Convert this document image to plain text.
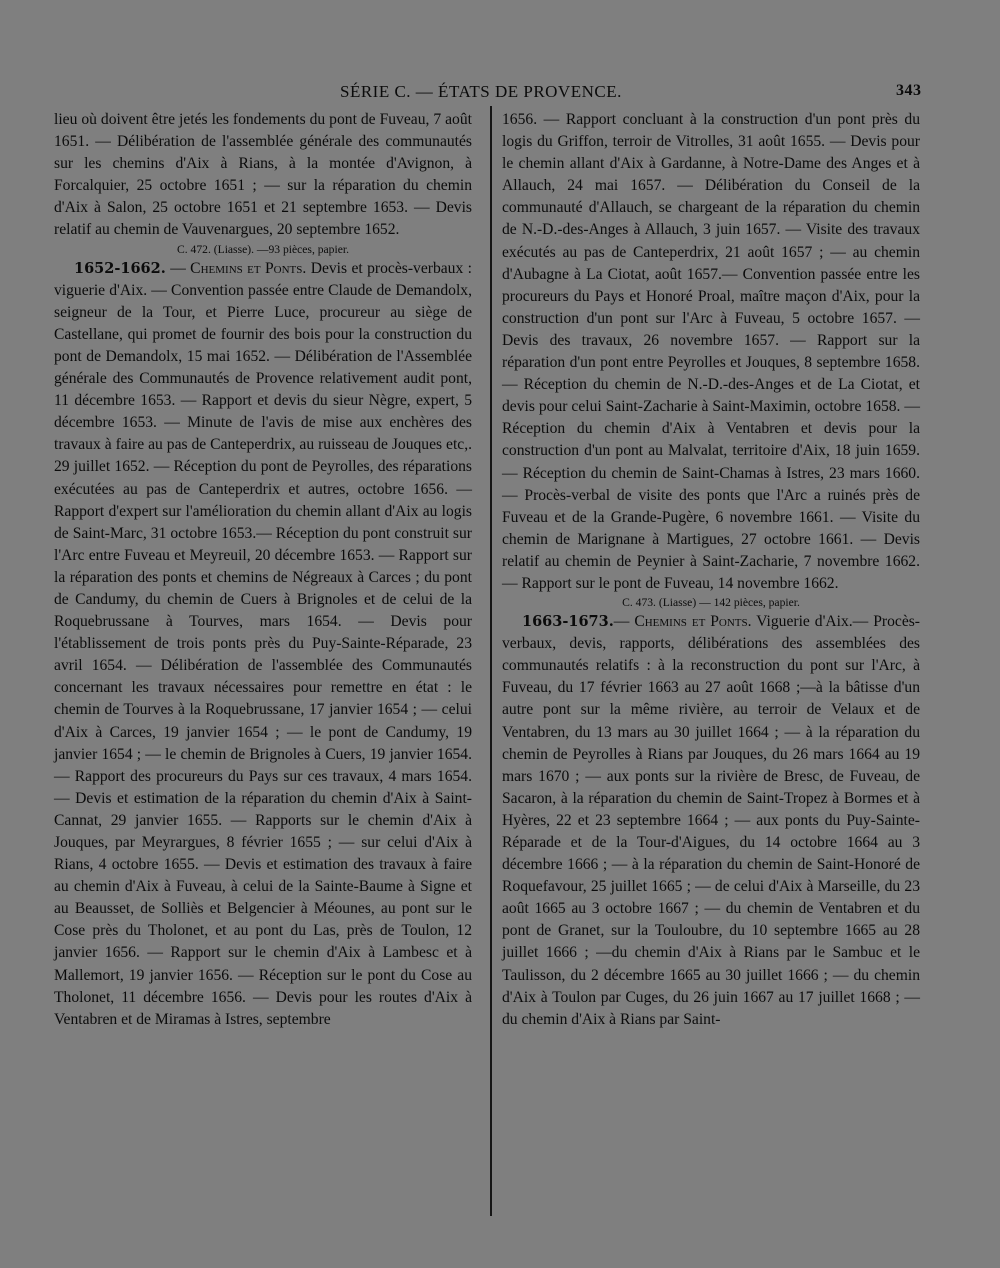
SÉRIE C. — ÉTATS DE PROVENCE.	343

lieu où doivent être jetés les fondements du pont de Fuveau, 7 août 1651. — Délibération de l'assemblée générale des communautés sur les chemins d'Aix à Rians, à la montée d'Avignon, à Forcalquier, 25 octobre 1651 ; — sur la réparation du chemin d'Aix à Salon, 25 octobre 1651 et 21 septembre 1653. — Devis relatif au chemin de Vauvenargues, 20 septembre 1652.

C. 472. (Liasse). —93 pièces, papier.

1652-1662. — Chemins et Ponts. Devis et procès-verbaux : viguerie d'Aix. — Convention passée entre Claude de Demandolx, seigneur de la Tour, et Pierre Luce, procureur au siège de Castellane, qui promet de fournir des bois pour la construction du pont de Demandolx, 15 mai 1652. — Délibération de l'Assemblée générale des Communautés de Provence relativement audit pont, 11 décembre 1653. — Rapport et devis du sieur Nègre, expert, 5 décembre 1653. — Minute de l'avis de mise aux enchères des travaux à faire au pas de Canteperdrix, au ruisseau de Jouques etc,. 29 juillet 1652. — Réception du pont de Peyrolles, des réparations exécutées au pas de Canteperdrix et autres, octobre 1656. — Rapport d'expert sur l'amélioration du chemin allant d'Aix au logis de Saint-Marc, 31 octobre 1653.— Réception du pont construit sur l'Arc entre Fuveau et Meyreuil, 20 décembre 1653. — Rapport sur la réparation des ponts et chemins de Négreaux à Carces ; du pont de Candumy, du chemin de Cuers à Brignoles et de celui de la Roquebrussane à Tourves, mars 1654. — Devis pour l'établissement de trois ponts près du Puy-Sainte-Réparade, 23 avril 1654. — Délibération de l'assemblée des Communautés concernant les travaux nécessaires pour remettre en état : le chemin de Tourves à la Roquebrussane, 17 janvier 1654 ; — celui d'Aix à Carces, 19 janvier 1654 ; — le pont de Candumy, 19 janvier 1654 ; — le chemin de Brignoles à Cuers, 19 janvier 1654. — Rapport des procureurs du Pays sur ces travaux, 4 mars 1654. — Devis et estimation de la réparation du chemin d'Aix à Saint-Cannat, 29 janvier 1655. — Rapports sur le chemin d'Aix à Jouques, par Meyrargues, 8 février 1655 ; — sur celui d'Aix à Rians, 4 octobre 1655. — Devis et estimation des travaux à faire au chemin d'Aix à Fuveau, à celui de la Sainte-Baume à Signe et au Beausset, de Solliès et Belgencier à Méounes, au pont sur le Cose près du Tholonet, et au pont du Las, près de Toulon, 12 janvier 1656. — Rapport sur le chemin d'Aix à Lambesc et à Mallemort, 19 janvier 1656. — Réception sur le pont du Cose au Tholonet, 11 décembre 1656. — Devis pour les routes d'Aix à Ventabren et de Miramas à Istres, septembre

1656. — Rapport concluant à la construction d'un pont près du logis du Griffon, terroir de Vitrolles, 31 août 1655. — Devis pour le chemin allant d'Aix à Gardanne, à Notre-Dame des Anges et à Allauch, 24 mai 1657. — Délibération du Conseil de la communauté d'Allauch, se chargeant de la réparation du chemin de N.-D.-des-Anges à Allauch, 3 juin 1657. — Visite des travaux exécutés au pas de Canteperdrix, 21 août 1657 ; — au chemin d'Aubagne à La Ciotat, août 1657.— Convention passée entre les procureurs du Pays et Honoré Proal, maître maçon d'Aix, pour la construction d'un pont sur l'Arc à Fuveau, 5 octobre 1657. — Devis des travaux, 26 novembre 1657. — Rapport sur la réparation d'un pont entre Peyrolles et Jouques, 8 septembre 1658. — Réception du chemin de N.-D.-des-Anges et de La Ciotat, et devis pour celui Saint-Zacharie à Saint-Maximin, octobre 1658. — Réception du chemin d'Aix à Ventabren et devis pour la construction d'un pont au Malvalat, territoire d'Aix, 18 juin 1659. — Réception du chemin de Saint-Chamas à Istres, 23 mars 1660. — Procès-verbal de visite des ponts que l'Arc a ruinés près de Fuveau et de la Grande-Pugère, 6 novembre 1661. — Visite du chemin de Marignane à Martigues, 27 octobre 1661. — Devis relatif au chemin de Peynier à Saint-Zacharie, 7 novembre 1662. — Rapport sur le pont de Fuveau, 14 novembre 1662.

C. 473. (Liasse) — 142 pièces, papier.

1663-1673.— Chemins et Ponts. Viguerie d'Aix.— Procès-verbaux, devis, rapports, délibérations des assemblées des communautés relatifs : à la reconstruction du pont sur l'Arc, à Fuveau, du 17 février 1663 au 27 août 1668 ;—à la bâtisse d'un autre pont sur la même rivière, au terroir de Velaux et de Ventabren, du 13 mars au 30 juillet 1664 ; — à la réparation du chemin de Peyrolles à Rians par Jouques, du 26 mars 1664 au 19 mars 1670 ; — aux ponts sur la rivière de Bresc, de Fuveau, de Sacaron, à la réparation du chemin de Saint-Tropez à Bormes et à Hyères, 22 et 23 septembre 1664 ; — aux ponts du Puy-Sainte-Réparade et de la Tour-d'Aigues, du 14 octobre 1664 au 3 décembre 1666 ; — à la réparation du chemin de Saint-Honoré de Roquefavour, 25 juillet 1665 ; — de celui d'Aix à Marseille, du 23 août 1665 au 3 octobre 1667 ; — du chemin de Ventabren et du pont de Granet, sur la Touloubre, du 10 septembre 1665 au 28 juillet 1666 ; —du chemin d'Aix à Rians par le Sambuc et le Taulisson, du 2 décembre 1665 au 30 juillet 1666 ; — du chemin d'Aix à Toulon par Cuges, du 26 juin 1667 au 17 juillet 1668 ; — du chemin d'Aix à Rians par Saint-
